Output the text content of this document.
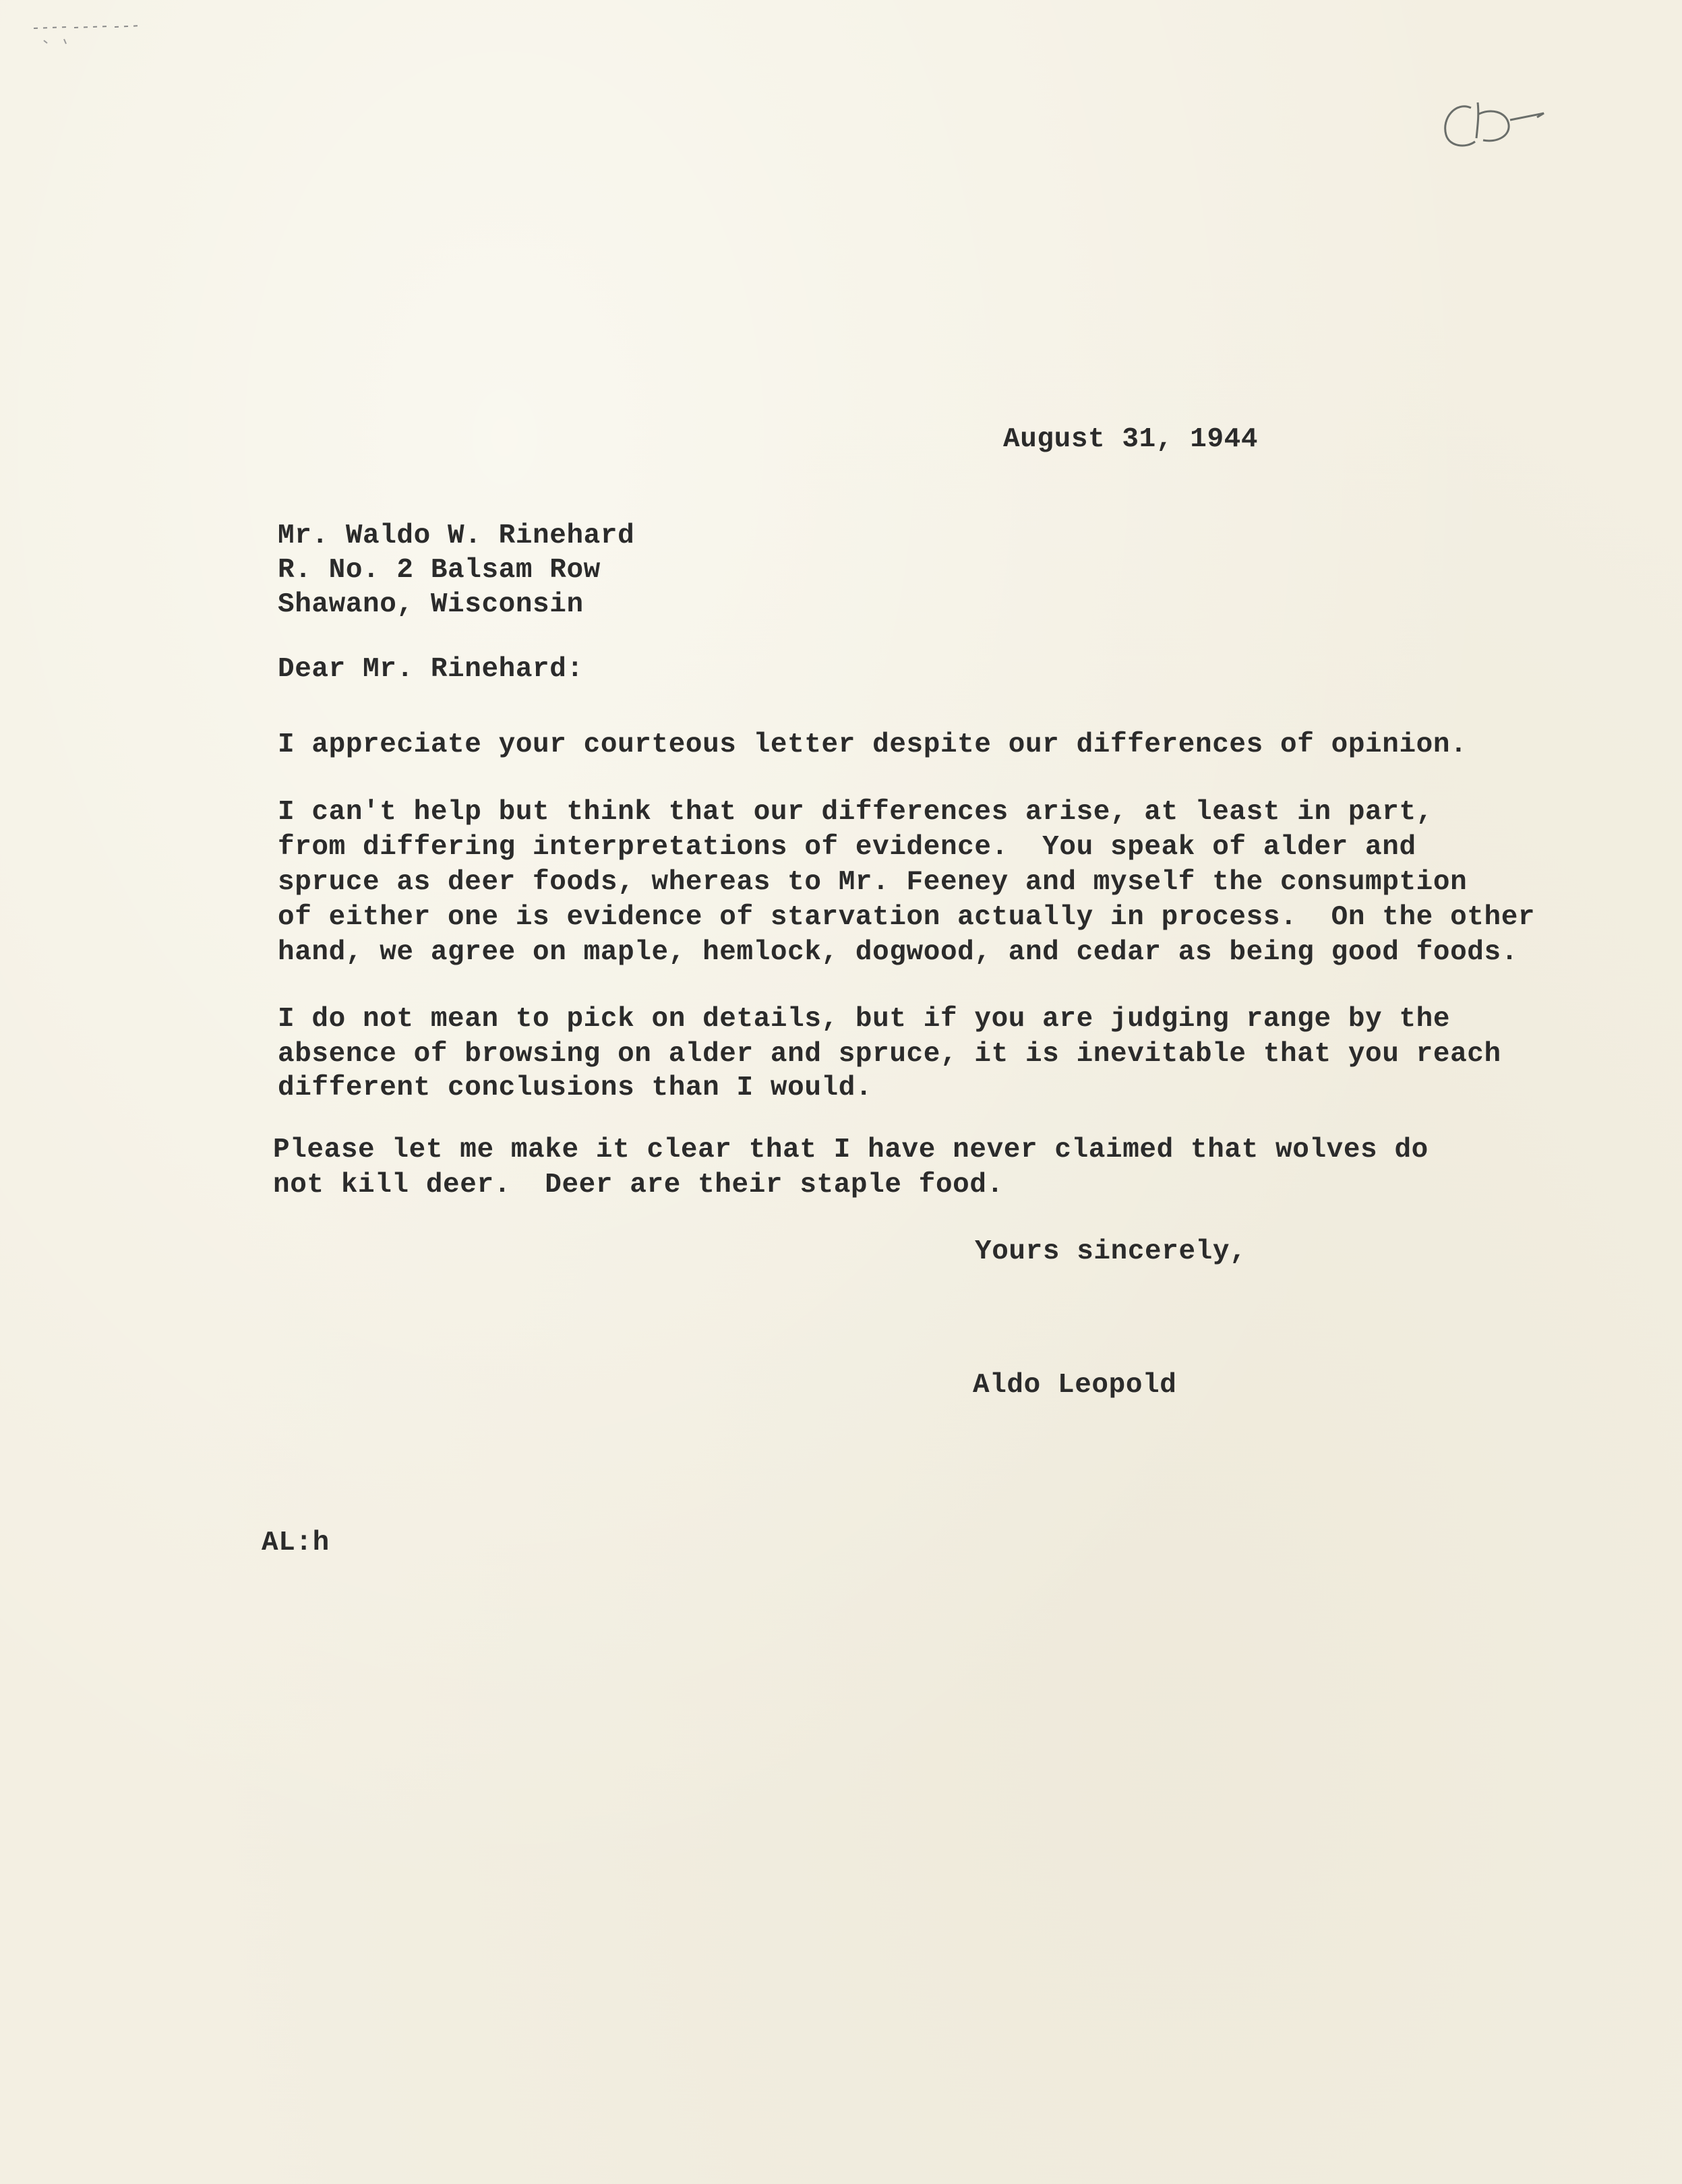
August 31, 1944
Mr. Waldo W. Rinehard
R. No. 2 Balsam Row
Shawano, Wisconsin
Dear Mr. Rinehard:
I appreciate your courteous letter despite our differences of opinion.
I can't help but think that our differences arise, at least in part,
from differing interpretations of evidence.  You speak of alder and
spruce as deer foods, whereas to Mr. Feeney and myself the consumption
of either one is evidence of starvation actually in process.  On the other
hand, we agree on maple, hemlock, dogwood, and cedar as being good foods.
I do not mean to pick on details, but if you are judging range by the
absence of browsing on alder and spruce, it is inevitable that you reach
different conclusions than I would.
Please let me make it clear that I have never claimed that wolves do
not kill deer.  Deer are their staple food.
Yours sincerely,
Aldo Leopold
AL:h
